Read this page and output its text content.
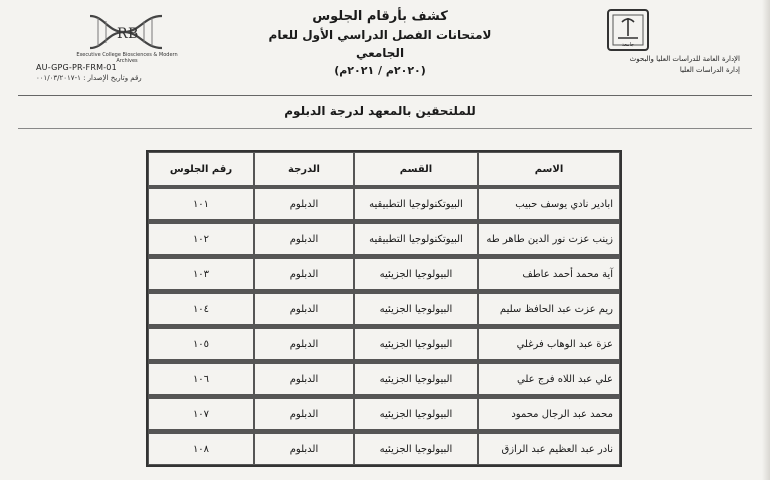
R B
Executive College Biosciences & Modern Archives
AU-GPG-PR-FRM-01
رقم وتاريخ الإصدار : ١-٠٠١/٠٣/٢٠١٧
كشف بأرقام الجلوس
لامتحانات الفصل الدراسي الأول للعام الجامعي
(٢٠٢٠م / ٢٠٢١م)
جامعة
الإدارة العامة للدراسات العليا والبحوث
إدارة الدراسات العليا
للملتحقين بالمعهد لدرجة الدبلوم
الاسم	القسم	الدرجة	رقم الجلوس
ابادير نادي يوسف حبيب	البيوتكنولوجيا التطبيقيه	الدبلوم	١٠١
زينب عزت نور الدين طاهر طه	البيوتكنولوجيا التطبيقيه	الدبلوم	١٠٢
آية محمد أحمد عاطف	البيولوجيا الجزيئيه	الدبلوم	١٠٣
ريم عزت عبد الحافظ سليم	البيولوجيا الجزيئيه	الدبلوم	١٠٤
عزة عبد الوهاب فرغلي	البيولوجيا الجزيئيه	الدبلوم	١٠٥
علي عبد اللاه فرج علي	البيولوجيا الجزيئيه	الدبلوم	١٠٦
محمد عبد الرجال محمود	البيولوجيا الجزيئيه	الدبلوم	١٠٧
نادر عبد العظيم عبد الرازق	البيولوجيا الجزيئيه	الدبلوم	١٠٨
